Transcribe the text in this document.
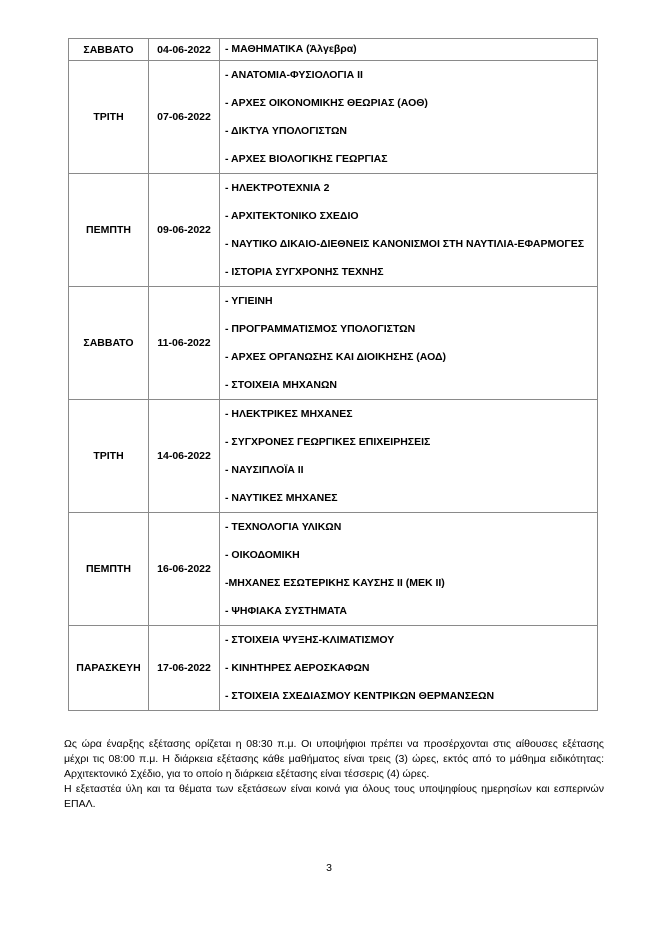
ΣΑΒΒΑΤΟ	04-06-2022	- ΜΑΘΗΜΑΤΙΚΑ (Άλγεβρα)

ΤΡΙΤΗ	07-06-2022	- ΑΝΑΤΟΜΙΑ-ΦΥΣΙΟΛΟΓΙΑ ΙΙ
- ΑΡΧΕΣ ΟΙΚΟΝΟΜΙΚΗΣ ΘΕΩΡΙΑΣ (ΑΟΘ)
- ΔΙΚΤΥΑ ΥΠΟΛΟΓΙΣΤΩΝ
- ΑΡΧΕΣ ΒΙΟΛΟΓΙΚΗΣ ΓΕΩΡΓΙΑΣ

ΠΕΜΠΤΗ	09-06-2022	- ΗΛΕΚΤΡΟΤΕΧΝΙΑ 2
- ΑΡΧΙΤΕΚΤΟΝΙΚΟ ΣΧΕΔΙΟ
- ΝΑΥΤΙΚΟ ΔΙΚΑΙΟ-ΔΙΕΘΝΕΙΣ ΚΑΝΟΝΙΣΜΟΙ ΣΤΗ ΝΑΥΤΙΛΙΑ-ΕΦΑΡΜΟΓΕΣ
- ΙΣΤΟΡΙΑ ΣΥΓΧΡΟΝΗΣ ΤΕΧΝΗΣ

ΣΑΒΒΑΤΟ	11-06-2022	- ΥΓΙΕΙΝΗ
- ΠΡΟΓΡΑΜΜΑΤΙΣΜΟΣ ΥΠΟΛΟΓΙΣΤΩΝ
- ΑΡΧΕΣ ΟΡΓΑΝΩΣΗΣ ΚΑΙ ΔΙΟΙΚΗΣΗΣ (ΑΟΔ)
- ΣΤΟΙΧΕΙΑ ΜΗΧΑΝΩΝ

ΤΡΙΤΗ	14-06-2022	- ΗΛΕΚΤΡΙΚΕΣ ΜΗΧΑΝΕΣ
- ΣΥΓΧΡΟΝΕΣ ΓΕΩΡΓΙΚΕΣ ΕΠΙΧΕΙΡΗΣΕΙΣ
- ΝΑΥΣΙΠΛΟΪΑ ΙΙ
- ΝΑΥΤΙΚΕΣ ΜΗΧΑΝΕΣ

ΠΕΜΠΤΗ	16-06-2022	- ΤΕΧΝΟΛΟΓΙΑ ΥΛΙΚΩΝ
- ΟΙΚΟΔΟΜΙΚΗ
-ΜΗΧΑΝΕΣ ΕΣΩΤΕΡΙΚΗΣ ΚΑΥΣΗΣ ΙΙ (ΜΕΚ ΙΙ)
- ΨΗΦΙΑΚΑ ΣΥΣΤΗΜΑΤΑ

ΠΑΡΑΣΚΕΥΗ	17-06-2022	- ΣΤΟΙΧΕΙΑ ΨΥΞΗΣ-ΚΛΙΜΑΤΙΣΜΟΥ
- ΚΙΝΗΤΗΡΕΣ ΑΕΡΟΣΚΑΦΩΝ
- ΣΤΟΙΧΕΙΑ ΣΧΕΔΙΑΣΜΟΥ ΚΕΝΤΡΙΚΩΝ ΘΕΡΜΑΝΣΕΩΝ

Ως ώρα έναρξης εξέτασης ορίζεται η 08:30 π.μ. Οι υποψήφιοι πρέπει να προσέρχονται στις αίθουσες εξέτασης μέχρι τις 08:00 π.μ. Η διάρκεια εξέτασης κάθε μαθήματος είναι τρεις (3) ώρες, εκτός από το μάθημα ειδικότητας: Αρχιτεκτονικό Σχέδιο, για το οποίο η διάρκεια εξέτασης είναι τέσσερις (4) ώρες.

Η εξεταστέα ύλη και τα θέματα των εξετάσεων είναι κοινά για όλους τους υποψηφίους ημερησίων και εσπερινών ΕΠΑΛ.

3
